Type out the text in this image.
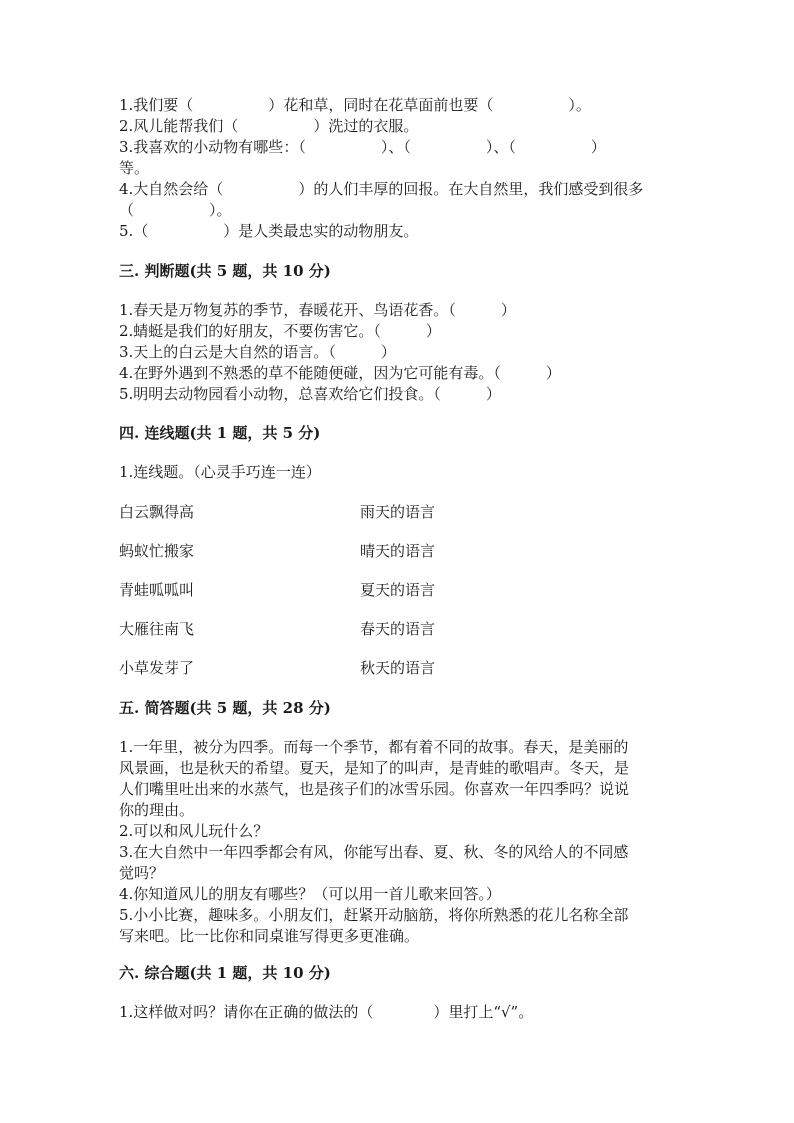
1.我们要（　　　　　）花和草，同时在花草面前也要（　　　　　）。
2.风儿能帮我们（　　　　　）洗过的衣服。
3.我喜欢的小动物有哪些：（　　　　　）、（　　　　　）、（　　　　　）
等。
4.大自然会给（　　　　　）的人们丰厚的回报。在大自然里，我们感受到很多
（　　　　　）。
5.（　　　　　）是人类最忠实的动物朋友。
三. 判断题(共 5 题，共 10 分)
1.春天是万物复苏的季节，春暖花开、鸟语花香。（　　　）
2.蜻蜓是我们的好朋友，不要伤害它。（　　　）
3.天上的白云是大自然的语言。（　　　）
4.在野外遇到不熟悉的草不能随便碰，因为它可能有毒。（　　　）
5.明明去动物园看小动物，总喜欢给它们投食。（　　　）
四. 连线题(共 1 题，共 5 分)
1.连线题。（心灵手巧连一连）
白云飘得高	雨天的语言
蚂蚁忙搬家	晴天的语言
青蛙呱呱叫	夏天的语言
大雁往南飞	春天的语言
小草发芽了	秋天的语言
五. 简答题(共 5 题，共 28 分)
1.一年里，被分为四季。而每一个季节，都有着不同的故事。春天，是美丽的
风景画，也是秋天的希望。夏天，是知了的叫声，是青蛙的歌唱声。冬天，是
人们嘴里吐出来的水蒸气，也是孩子们的冰雪乐园。你喜欢一年四季吗？说说
你的理由。
2.可以和风儿玩什么？
3.在大自然中一年四季都会有风，你能写出春、夏、秋、冬的风给人的不同感
觉吗？
4.你知道风儿的朋友有哪些？（可以用一首儿歌来回答。）
5.小小比赛，趣味多。小朋友们，赶紧开动脑筋，将你所熟悉的花儿名称全部
写来吧。比一比你和同桌谁写得更多更准确。
六. 综合题(共 1 题，共 10 分)
1.这样做对吗？请你在正确的做法的（　　　　）里打上“√”。
